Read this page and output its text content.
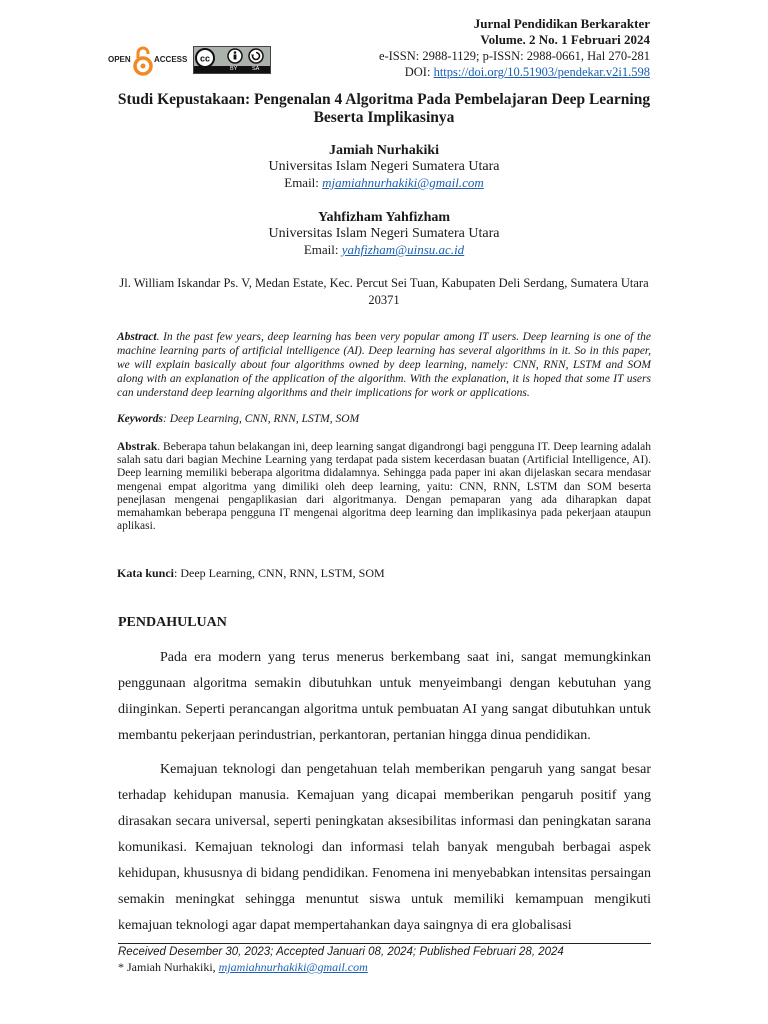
Jurnal Pendidikan Berkarakter
Volume. 2 No. 1 Februari 2024
e-ISSN: 2988-1129; p-ISSN: 2988-0661, Hal 270-281
DOI: https://doi.org/10.51903/pendekar.v2i1.598
OPEN	ACCESS cc
BY	SA
Studi Kepustakaan: Pengenalan 4 Algoritma Pada Pembelajaran Deep Learning Beserta Implikasinya
Jamiah Nurhakiki
Universitas Islam Negeri Sumatera Utara
Email: mjamiahnurhakiki@gmail.com
Yahfizham Yahfizham
Universitas Islam Negeri Sumatera Utara
Email: yahfizham@uinsu.ac.id
Jl. William Iskandar Ps. V, Medan Estate, Kec. Percut Sei Tuan, Kabupaten Deli Serdang, Sumatera Utara 20371
Abstract. In the past few years, deep learning has been very popular among IT users. Deep learning is one of the machine learning parts of artificial intelligence (AI). Deep learning has several algorithms in it. So in this paper, we will explain basically about four algorithms owned by deep learning, namely: CNN, RNN, LSTM and SOM along with an explanation of the application of the algorithm. With the explanation, it is hoped that some IT users can understand deep learning algorithms and their implications for work or applications.
Keywords: Deep Learning, CNN, RNN, LSTM, SOM
Abstrak. Beberapa tahun belakangan ini, deep learning sangat digandrongi bagi pengguna IT. Deep learning adalah salah satu dari bagian Mechine Learning yang terdapat pada sistem kecerdasan buatan (Artificial Intelligence, AI). Deep learning memiliki beberapa algoritma didalamnya. Sehingga pada paper ini akan dijelaskan secara mendasar mengenai empat algoritma yang dimiliki oleh deep learning, yaitu: CNN, RNN, LSTM dan SOM beserta penejlasan mengenai pengaplikasian dari algoritmanya. Dengan pemaparan yang ada diharapkan dapat memahamkan beberapa pengguna IT mengenai algoritma deep learning dan implikasinya pada pekerjaan ataupun aplikasi.
Kata kunci: Deep Learning, CNN, RNN, LSTM, SOM
PENDAHULUAN
Pada era modern yang terus menerus berkembang saat ini, sangat memungkinkan penggunaan algoritma semakin dibutuhkan untuk menyeimbangi dengan kebutuhan yang diinginkan. Seperti perancangan algoritma untuk pembuatan AI yang sangat dibutuhkan untuk membantu pekerjaan perindustrian, perkantoran, pertanian hingga dinua pendidikan.
Kemajuan teknologi dan pengetahuan telah memberikan pengaruh yang sangat besar terhadap kehidupan manusia. Kemajuan yang dicapai memberikan pengaruh positif yang dirasakan secara universal, seperti peningkatan aksesibilitas informasi dan peningkatan sarana komunikasi. Kemajuan teknologi dan informasi telah banyak mengubah berbagai aspek kehidupan, khususnya di bidang pendidikan. Fenomena ini menyebabkan intensitas persaingan semakin meningkat sehingga menuntut siswa untuk memiliki kemampuan mengikuti kemajuan teknologi agar dapat mempertahankan daya saingnya di era globalisasi
Received Desember 30, 2023; Accepted Januari 08, 2024; Published Februari 28, 2024
* Jamiah Nurhakiki, mjamiahnurhakiki@gmail.com
